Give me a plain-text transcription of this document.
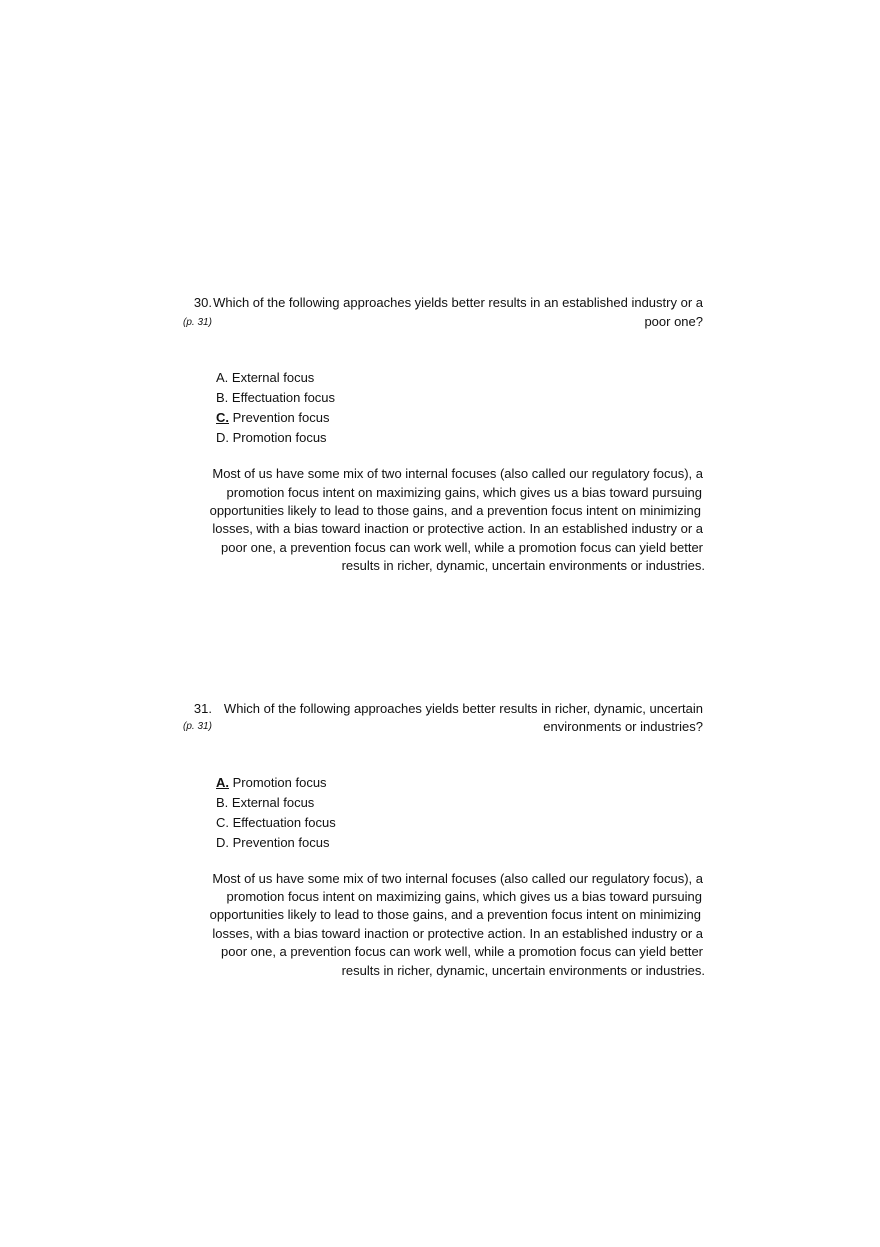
30.
(p. 31)
Which of the following approaches yields better results in an established industry or a
poor one?
A. External focus
B. Effectuation focus
C. Prevention focus
D. Promotion focus
Most of us have some mix of two internal focuses (also called our regulatory focus), a
promotion focus intent on maximizing gains, which gives us a bias toward pursuing
opportunities likely to lead to those gains, and a prevention focus intent on minimizing
losses, with a bias toward inaction or protective action. In an established industry or a
poor one, a prevention focus can work well, while a promotion focus can yield better
results in richer, dynamic, uncertain environments or industries.
31.
(p. 31)
Which of the following approaches yields better results in richer, dynamic, uncertain
environments or industries?
A. Promotion focus
B. External focus
C. Effectuation focus
D. Prevention focus
Most of us have some mix of two internal focuses (also called our regulatory focus), a
promotion focus intent on maximizing gains, which gives us a bias toward pursuing
opportunities likely to lead to those gains, and a prevention focus intent on minimizing
losses, with a bias toward inaction or protective action. In an established industry or a
poor one, a prevention focus can work well, while a promotion focus can yield better
results in richer, dynamic, uncertain environments or industries.
